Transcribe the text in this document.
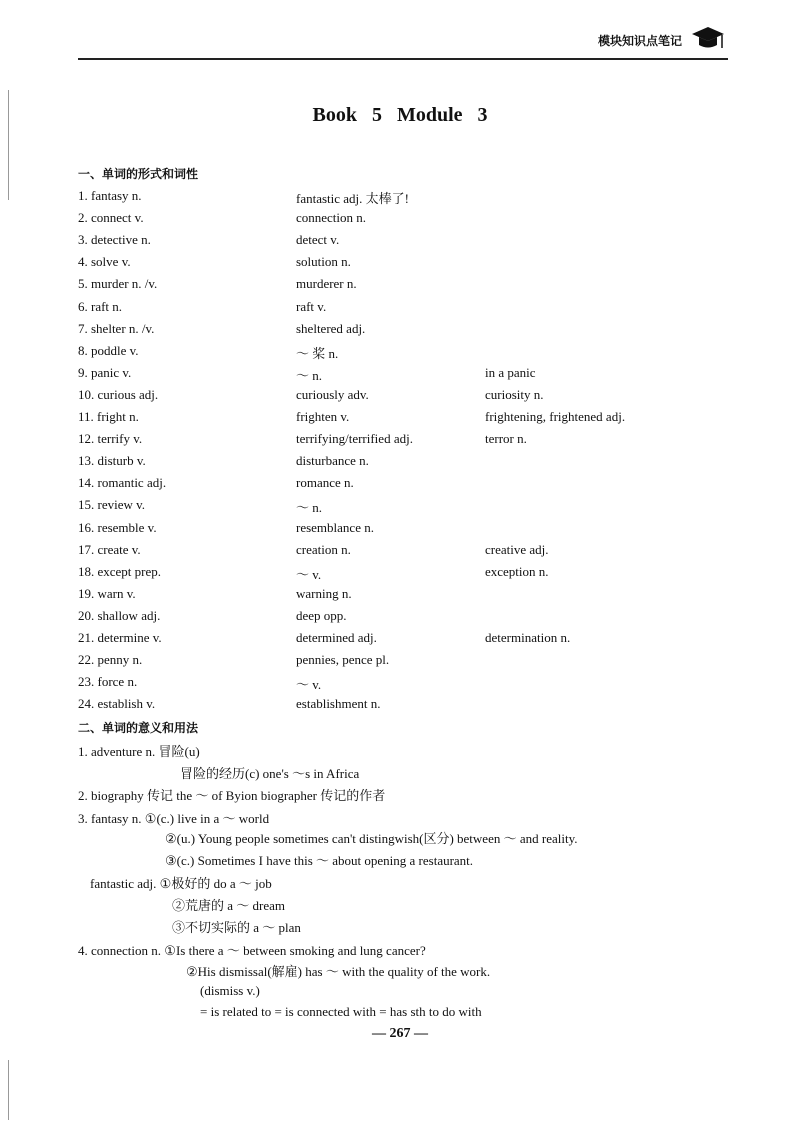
模块知识点笔记
Book 5 Module 3
一、单词的形式和词性
1. fantasy n.	fantastic adj. 太棒了!
2. connect v.	connection n.
3. detective n.	detect v.
4. solve v.	solution n.
5. murder n. /v.	murderer n.
6. raft n.	raft v.
7. shelter n. /v.	sheltered adj.
8. poddle v.	～ 桨 n.
9. panic v.	～ n.	in a panic
10. curious adj.	curiously adv.	curiosity n.
11. fright n.	frighten v.	frightening, frightened adj.
12. terrify v.	terrifying/terrified adj.	terror n.
13. disturb v.	disturbance n.
14. romantic adj.	romance n.
15. review v.	～ n.
16. resemble v.	resemblance n.
17. create v.	creation n.	creative adj.
18. except prep.	～ v.	exception n.
19. warn v.	warning n.
20. shallow adj.	deep opp.
21. determine v.	determined adj.	determination n.
22. penny n.	pennies, pence pl.
23. force n.	～ v.
24. establish v.	establishment n.
二、单词的意义和用法
1. adventure n. 冒险(u)
冒险的经历(c) one's ～s in Africa
2. biography 传记 the ～ of Byion biographer 传记的作者
3. fantasy n. ①(c.) live in a ～ world
②(u.) Young people sometimes can't distingwish(区分) between ～ and reality.
③(c.) Sometimes I have this ～ about opening a restaurant.
fantastic adj. ①极好的 do a ～ job
②荒唐的 a ～ dream
③不切实际的 a ～ plan
4. connection n. ①Is there a ～ between smoking and lung cancer?
②His dismissal(解雇) has ～ with the quality of the work.
(dismiss v.)
= is related to = is connected with = has sth to do with
— 267 —
